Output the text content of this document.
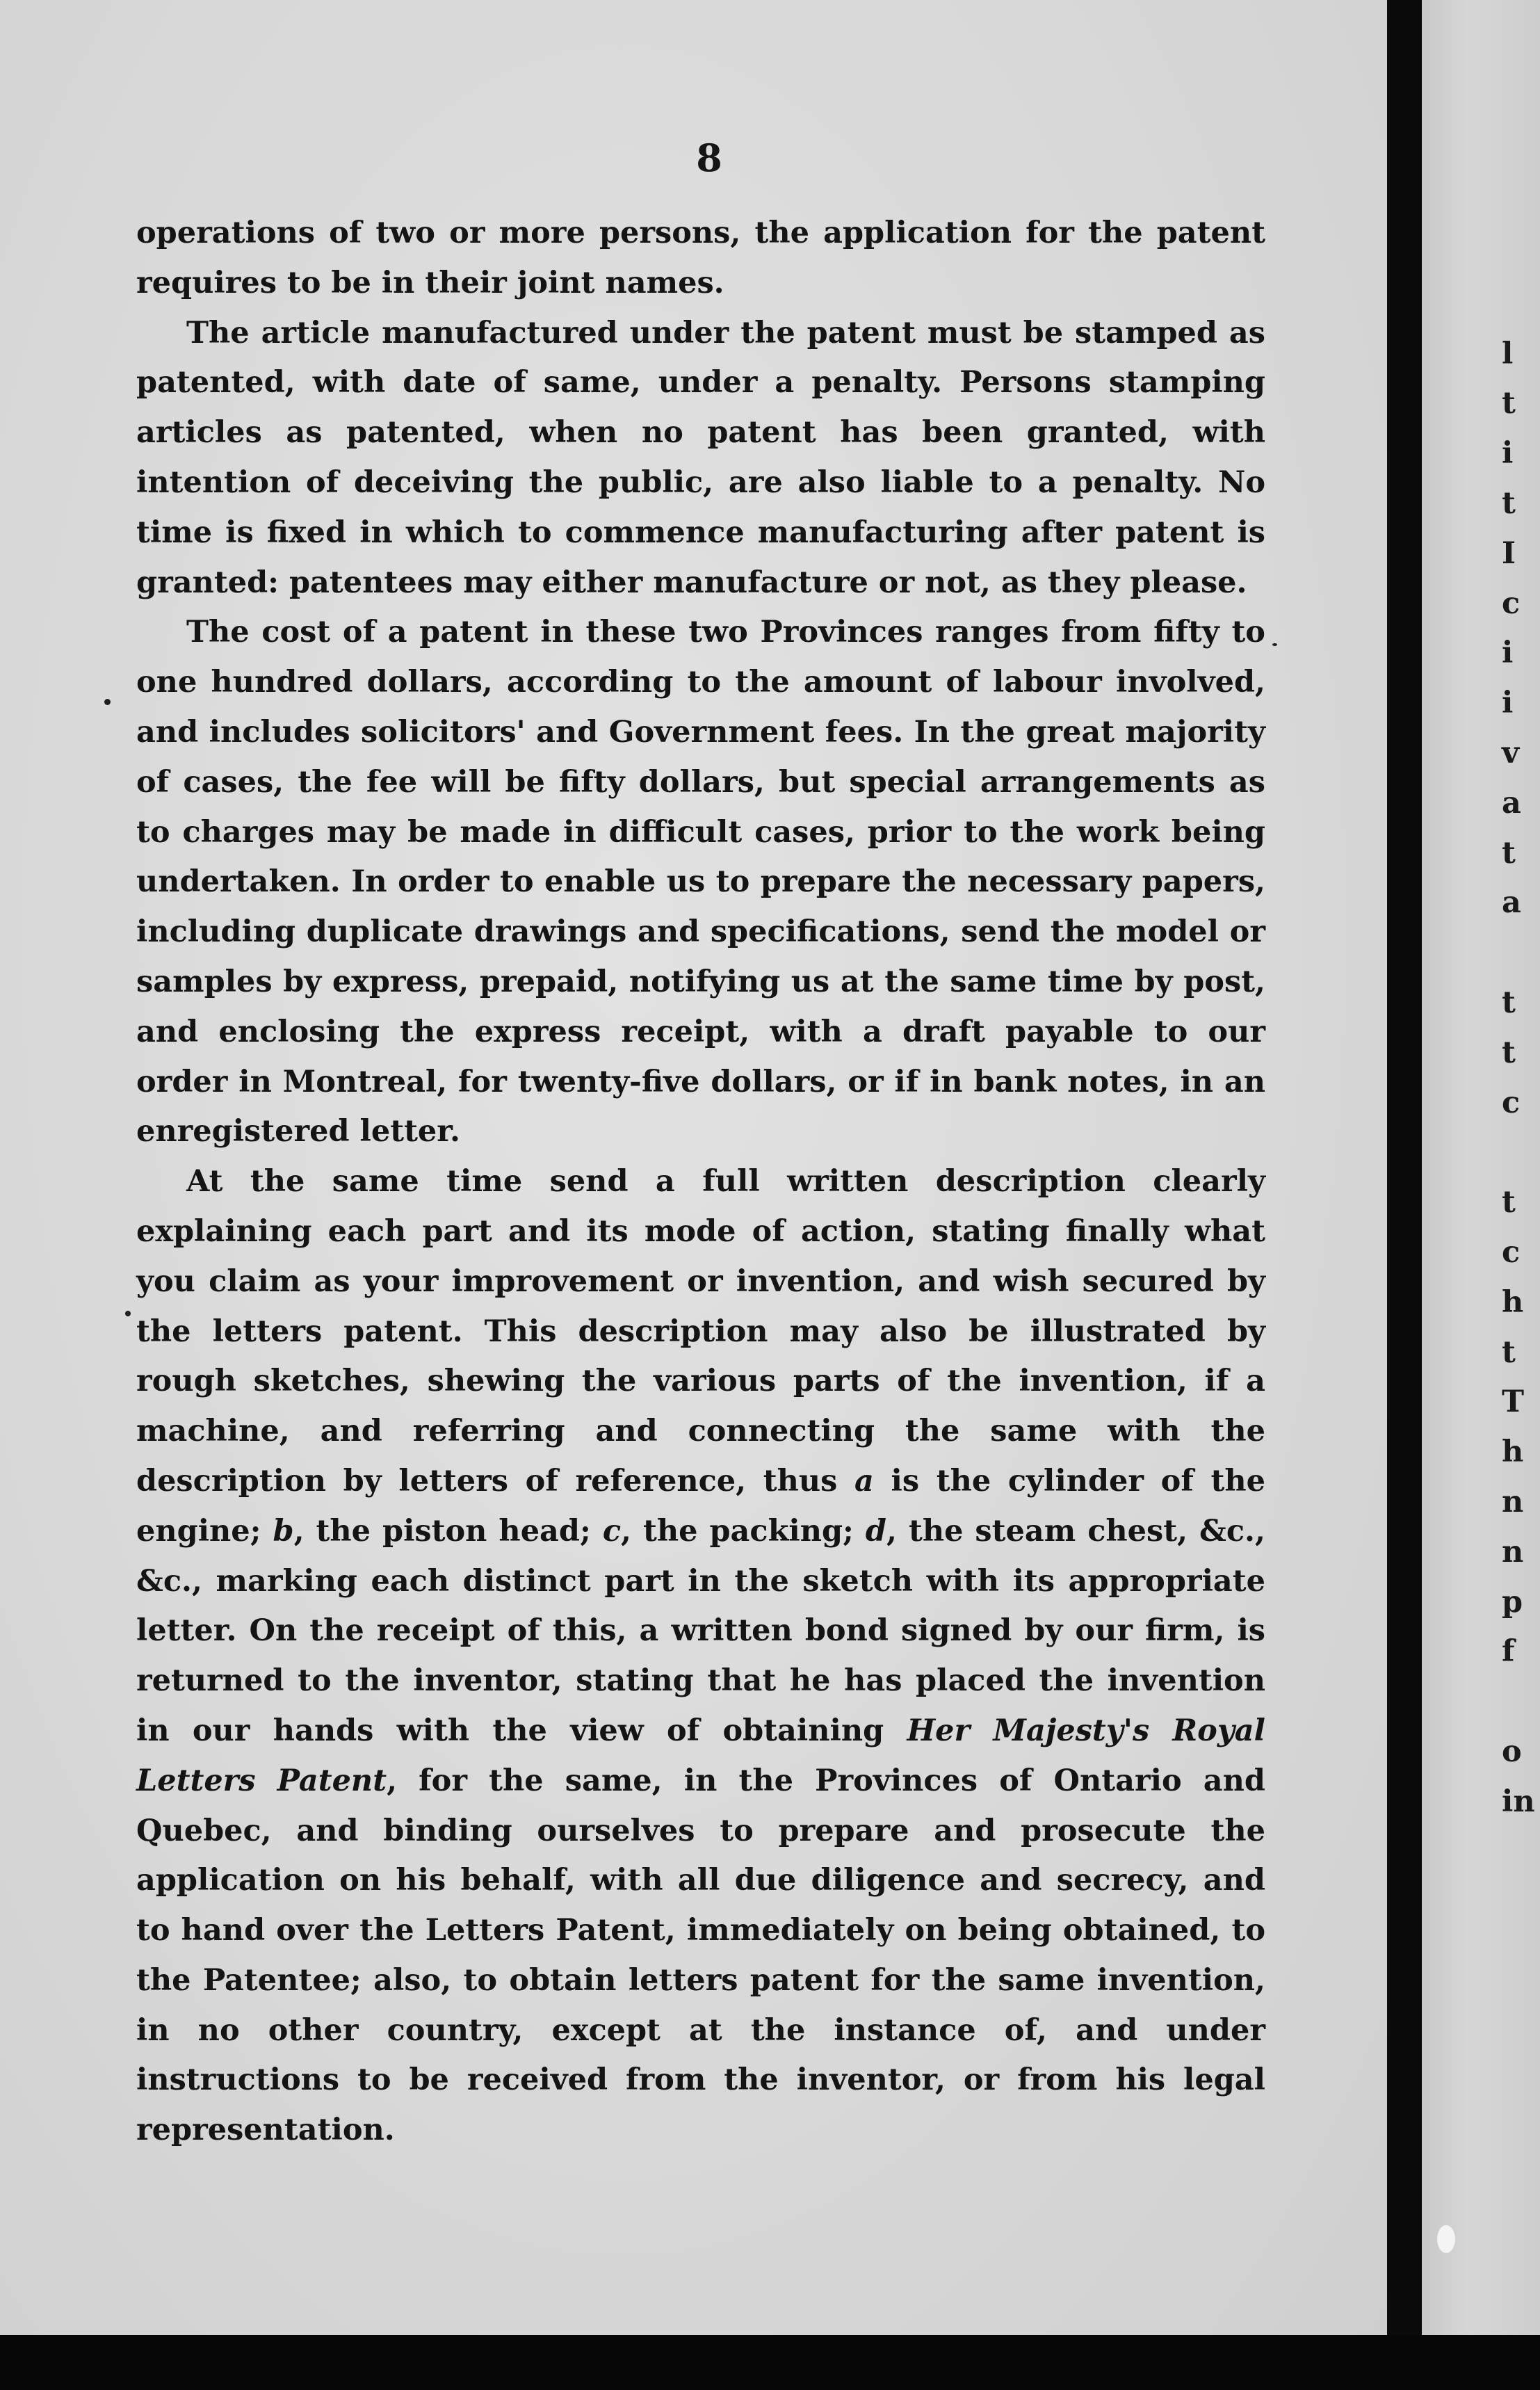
8

operations of two or more persons, the application for the patent requires to be in their joint names.

The article manufactured under the patent must be stamped as patented, with date of same, under a penalty. Persons stamping articles as patented, when no patent has been granted, with intention of deceiving the public, are also liable to a penalty. No time is fixed in which to commence manufacturing after patent is granted: patentees may either manufacture or not, as they please.

The cost of a patent in these two Provinces ranges from fifty to one hundred dollars, according to the amount of labour involved, and includes solicitors' and Government fees. In the great majority of cases, the fee will be fifty dollars, but special arrangements as to charges may be made in difficult cases, prior to the work being undertaken. In order to enable us to prepare the necessary papers, including duplicate drawings and specifications, send the model or samples by express, prepaid, notifying us at the same time by post, and enclosing the express receipt, with a draft payable to our order in Montreal, for twenty-five dollars, or if in bank notes, in an enregistered letter.

At the same time send a full written description clearly explaining each part and its mode of action, stating finally what you claim as your improvement or invention, and wish secured by the letters patent. This description may also be illustrated by rough sketches, shewing the various parts of the invention, if a machine, and referring and connecting the same with the description by letters of reference, thus a is the cylinder of the engine; b, the piston head; c, the packing; d, the steam chest, &c., &c., marking each distinct part in the sketch with its appropriate letter. On the receipt of this, a written bond signed by our firm, is returned to the inventor, stating that he has placed the invention in our hands with the view of obtaining Her Majesty's Royal Letters Patent, for the same, in the Provinces of Ontario and Quebec, and binding ourselves to prepare and prosecute the application on his behalf, with all due diligence and secrecy, and to hand over the Letters Patent, immediately on being obtained, to the Patentee; also, to obtain letters patent for the same invention, in no other country, except at the instance of, and under instructions to be received from the inventor, or from his legal representation.

l
t
i
t
I
c
i
i
v
a
t
a
t
t
c
t
c
h
t
T
h
n
n
p
f
o
in
